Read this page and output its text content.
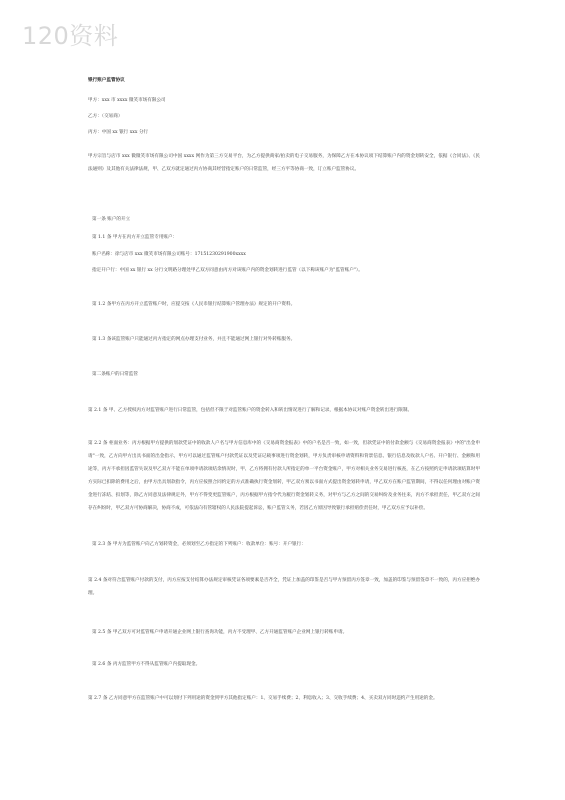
120资料
银行账户监管协议
甲方：xxx 市 xxxx 微笑市场有限公司
乙方：（交易商）
丙方：中国 xx 银行 xxx 分行
甲方宗旨与店市 xxx 微微笑市场有限公司中国 xxxx 网作为第三方交易平台，为乙方提供商家/拍卖的电子交易服务，为保障乙方在本协议项下结算账户内的资金划转安全，依据《合同法》、《民法通则》及其他有关法律法规，甲、乙双方就定通过丙方协商其经营指定账户的日常监管，经三方平等协商一致，订立账户监管协议。
第一条 账户的开立
第 1.1 条 甲方在丙方开立监管专用账户：
账户名称：徐与店市 xxx 微笑市场有限公司账号：17151230291900xxxx
指定开户行：中国 xx 银行 xx 分行文明路分理处甲乙双方同意由丙方对该账户内的资金划转进行监管（以下称该账户为"监管账户"）。
第 1.2 条甲方在丙方开立监管账户时，应提交按《人民币银行结算账户管理办法》规定的开户资料。
第 1.3 条该监管账户只能通过丙方指定的网点办理支付业务，并且不能通过网上银行对外转账服务。
第二条账户的日常监管
第 2.1 条 甲、乙方授权丙方对监管账户进行日常监管，包括但不限于对监管账户的资金转入和转出情况进行了解和记录，根据本协议对账户资金转出进行限制。
第 2.2 条 柜面业务：丙方根据甲方提供的划款凭证中的收款人户名与甲方信息库中的《交易商资金报表》中的户名是否一致，如一致，但款凭证中的付款金额与《交易商资金报表》中的"出金申请"一致，乙方向甲方出具书面的出金指示，甲方可以通过监管账户付款凭证以及凭证记载事项进行资金划转，甲方负责审核申请资料和背景信息、银行信息及收款人户名、开户银行、金额和用途等，丙方不承担因监管失误及甲乙双方不能在单项申请款项结余情况时，甲、乙方将拥有付款人所指定的单一平台资金账户，甲方对相关业务交易进行核查，在乙方按照约定申请款项结算时甲方实际已扣除的费用之后，由甲方出具划款指令，丙方应按照合同约定的方式准确执行资金划转，甲乙双方须以书面方式提出资金划转申请，甲乙双方在账户监管期间，不得以任何理由对账户资金进行冻结、扣划等，除乙方同意及法律规定外，甲方不得变更监管账户，丙方根据甲方指令代为履行资金划转义务，对甲方与乙方之间的交易纠纷及业务往来，丙方不承担责任，甲乙双方之间存在纠纷时，甲乙双方可协商解决，协商不成，可依法向有管辖权的人民法院提起诉讼，账户监管义务，若因乙方原因导致银行承担赔偿责任时，甲乙双方应予以补偿。
第 2.3 条 甲方为监管账户向乙方划转资金，必须划至乙方指定的下列账户：收款单位：账号：开户银行：
第 2.4 条对符合监管账户付款的支付，丙方应按支付结算办法规定审核凭证各项要素是否齐全，凭证上加盖的印鉴是否与甲方预留丙方签章一致，加盖的印鉴与预留签章不一致的，丙方应拒绝办理。
第 2.5 条 甲乙双方可对监管账户申请开通企业网上银行查询功能，丙方不受理甲、乙方开通监管账户企业网上银行转账申请。
第 2.6 条 丙方监管甲方不得从监管账户内提取现金。
第 2.7 条 乙方同意甲方在监管账户中可以划付下列用途的资金到甲方其他指定账户：1、交易手续费；2、利息收入；3、交收手续费；4、买卖双方同时违约产生用途的金。
